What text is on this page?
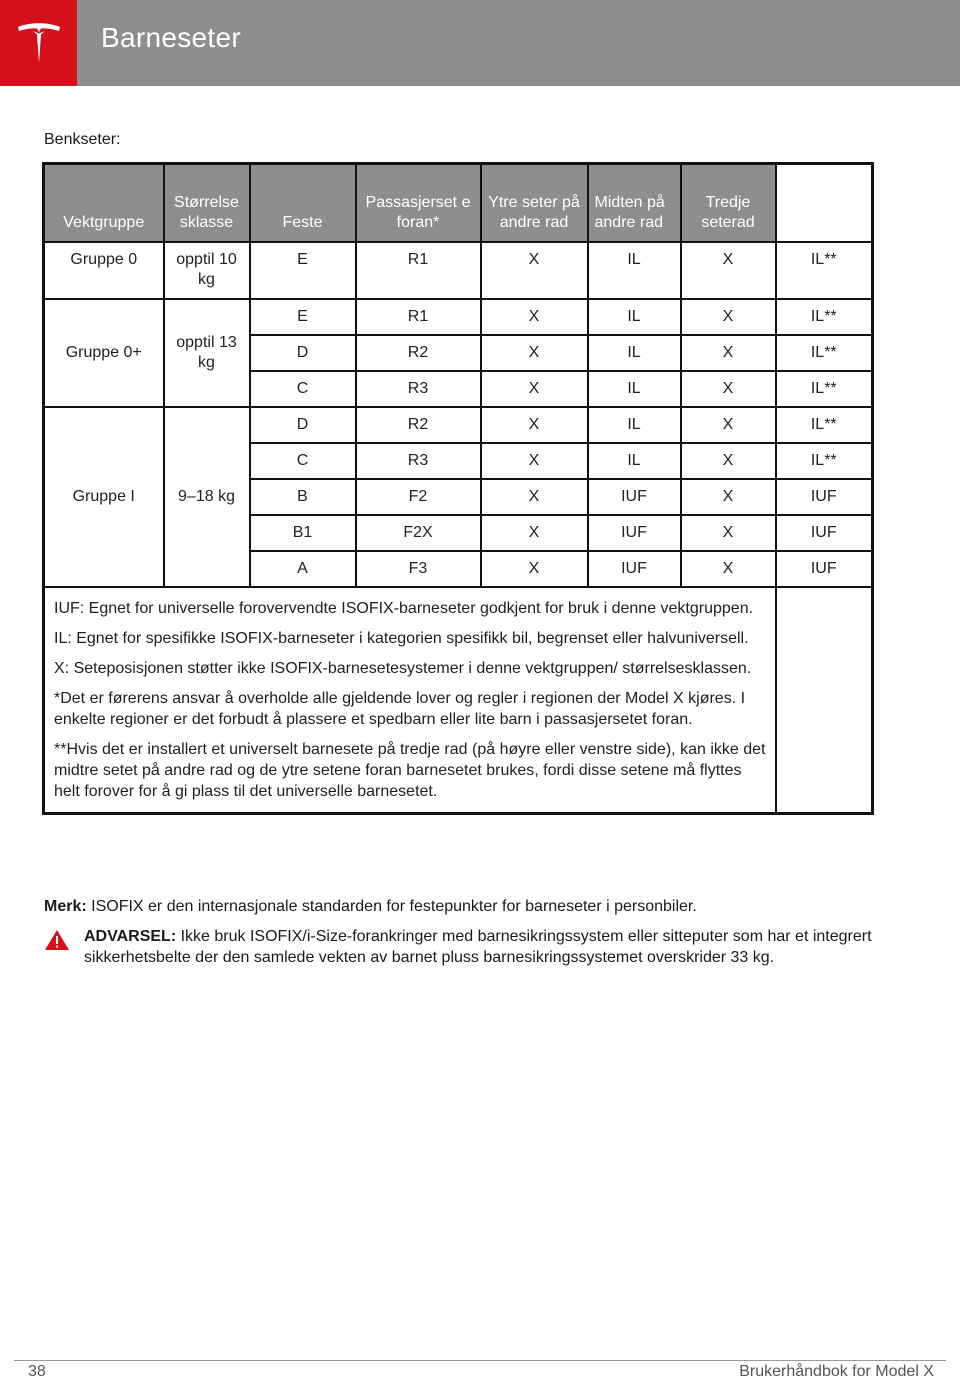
Barneseter
Benkseter:
Vektgruppe	Størrelse sklasse	Feste	Passasjerset e foran*	Ytre seter på andre rad	Midten på andre rad	Tredje seterad	
Gruppe 0	opptil 10 kg	E	R1	X	IL	X	IL**
Gruppe 0+	opptil 13 kg	E	R1	X	IL	X	IL**
		D	R2	X	IL	X	IL**
		C	R3	X	IL	X	IL**
Gruppe I	9–18 kg	D	R2	X	IL	X	IL**
		C	R3	X	IL	X	IL**
		B	F2	X	IUF	X	IUF
		B1	F2X	X	IUF	X	IUF
		A	F3	X	IUF	X	IUF

IUF: Egnet for universelle forovervendte ISOFIX-barneseter godkjent for bruk i denne vektgruppen.
IL: Egnet for spesifikke ISOFIX-barneseter i kategorien spesifikk bil, begrenset eller halvuniversell.
X: Seteposisjonen støtter ikke ISOFIX-barnesetesystemer i denne vektgruppen/ størrelsesklassen.
*Det er førerens ansvar å overholde alle gjeldende lover og regler i regionen der Model X kjøres. I enkelte regioner er det forbudt å plassere et spedbarn eller lite barn i passasjersetet foran.
**Hvis det er installert et universelt barnesete på tredje rad (på høyre eller venstre side), kan ikke det midtre setet på andre rad og de ytre setene foran barnesetet brukes, fordi disse setene må flyttes helt forover for å gi plass til det universelle barnesetet.							
Merk: ISOFIX er den internasjonale standarden for festepunkter for barneseter i personbiler.
ADVARSEL: Ikke bruk ISOFIX/i-Size-forankringer med barnesikringssystem eller sitteputer som har et integrert sikkerhetsbelte der den samlede vekten av barnet pluss barnesikringssystemet overskrider 33 kg.
38	Brukerhåndbok for Model X
